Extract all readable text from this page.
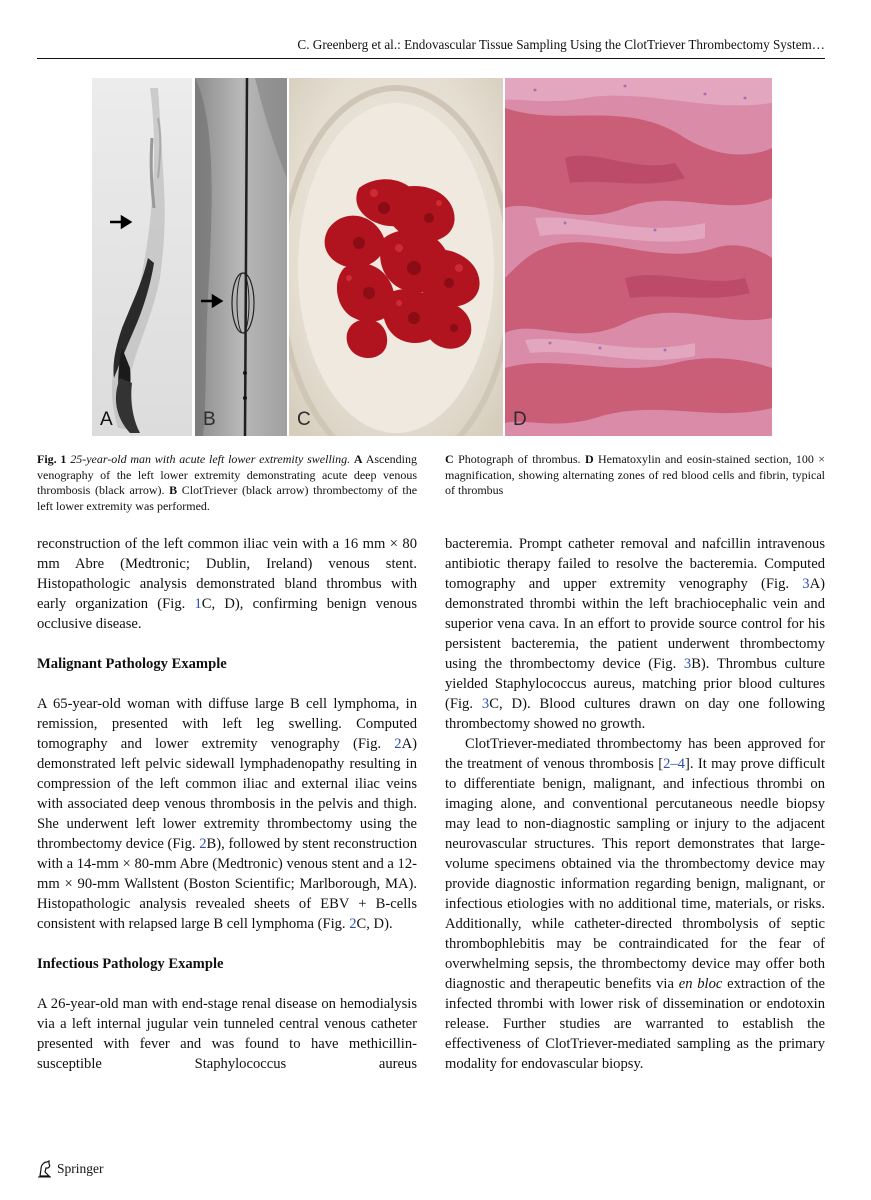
C. Greenberg et al.: Endovascular Tissue Sampling Using the ClotTriever Thrombectomy System…
A	B	C	D
Fig. 1 25-year-old man with acute left lower extremity swelling. A Ascending venography of the left lower extremity demonstrating acute deep venous thrombosis (black arrow). B ClotTriever (black arrow) thrombectomy of the left lower extremity was performed.
C Photograph of thrombus. D Hematoxylin and eosin-stained section, 100 × magnification, showing alternating zones of red blood cells and fibrin, typical of thrombus

reconstruction of the left common iliac vein with a 16 mm × 80 mm Abre (Medtronic; Dublin, Ireland) venous stent. Histopathologic analysis demonstrated bland thrombus with early organization (Fig. 1C, D), confirming benign venous occlusive disease.

Malignant Pathology Example

A 65-year-old woman with diffuse large B cell lymphoma, in remission, presented with left leg swelling. Computed tomography and lower extremity venography (Fig. 2A) demonstrated left pelvic sidewall lymphadenopathy resulting in compression of the left common iliac and external iliac veins with associated deep venous thrombosis in the pelvis and thigh. She underwent left lower extremity thrombectomy using the thrombectomy device (Fig. 2B), followed by stent reconstruction with a 14-mm × 80-mm Abre (Medtronic) venous stent and a 12-mm × 90-mm Wallstent (Boston Scientific; Marlborough, MA). Histopathologic analysis revealed sheets of EBV + B-cells consistent with relapsed large B cell lymphoma (Fig. 2C, D).

Infectious Pathology Example

A 26-year-old man with end-stage renal disease on hemodialysis via a left internal jugular vein tunneled central venous catheter presented with fever and was found to have methicillin-susceptible Staphylococcus aureus

bacteremia. Prompt catheter removal and nafcillin intravenous antibiotic therapy failed to resolve the bacteremia. Computed tomography and upper extremity venography (Fig. 3A) demonstrated thrombi within the left brachiocephalic vein and superior vena cava. In an effort to provide source control for his persistent bacteremia, the patient underwent thrombectomy using the thrombectomy device (Fig. 3B). Thrombus culture yielded Staphylococcus aureus, matching prior blood cultures (Fig. 3C, D). Blood cultures drawn on day one following thrombectomy showed no growth.

ClotTriever-mediated thrombectomy has been approved for the treatment of venous thrombosis [2–4]. It may prove difficult to differentiate benign, malignant, and infectious thrombi on imaging alone, and conventional percutaneous needle biopsy may lead to non-diagnostic sampling or injury to the adjacent neurovascular structures. This report demonstrates that large-volume specimens obtained via the thrombectomy device may provide diagnostic information regarding benign, malignant, or infectious etiologies with no additional time, materials, or risks. Additionally, while catheter-directed thrombolysis of septic thrombophlebitis may be contraindicated for the fear of overwhelming sepsis, the thrombectomy device may offer both diagnostic and therapeutic benefits via en bloc extraction of the infected thrombi with lower risk of dissemination or endotoxin release. Further studies are warranted to establish the effectiveness of ClotTriever-mediated sampling as the primary modality for endovascular biopsy.

Springer
